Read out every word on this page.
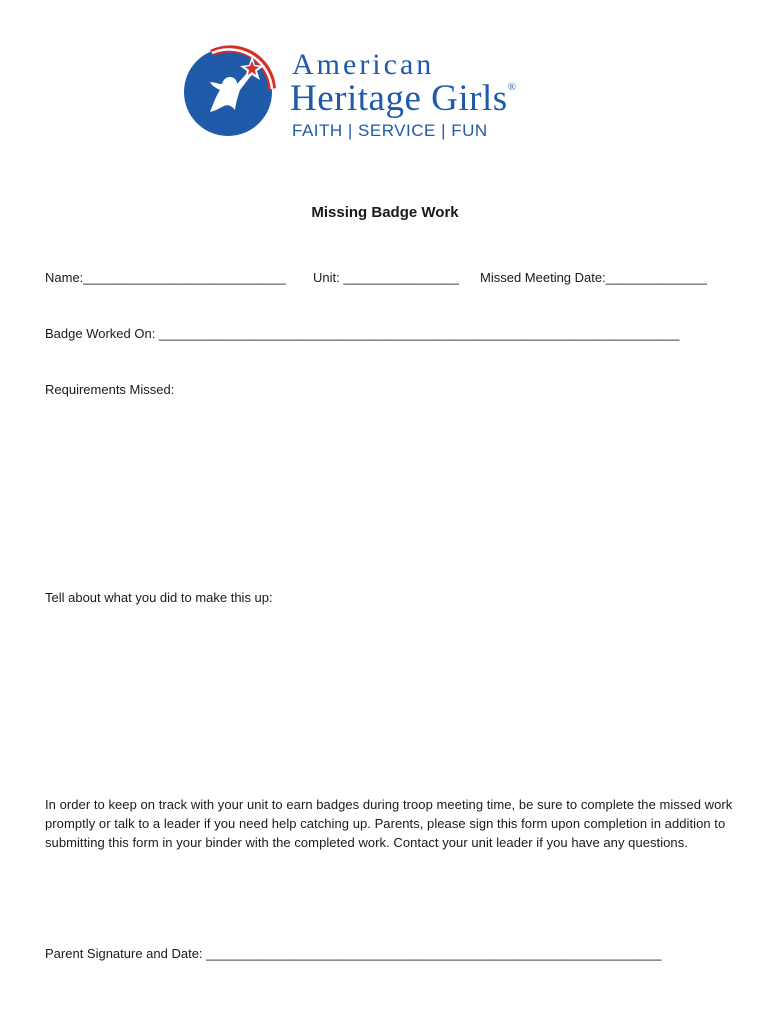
American
Heritage Girls®
FAITH | SERVICE | FUN
Missing Badge Work
Name:____________________________ Unit: ________________ Missed Meeting Date:______________
Badge Worked On: ________________________________________________________________________
Requirements Missed:
Tell about what you did to make this up:
In order to keep on track with your unit to earn badges during troop meeting time, be sure to complete the missed work promptly or talk to a leader if you need help catching up. Parents, please sign this form upon completion in addition to submitting this form in your binder with the completed work. Contact your unit leader if you have any questions.
Parent Signature and Date: _______________________________________________________________
